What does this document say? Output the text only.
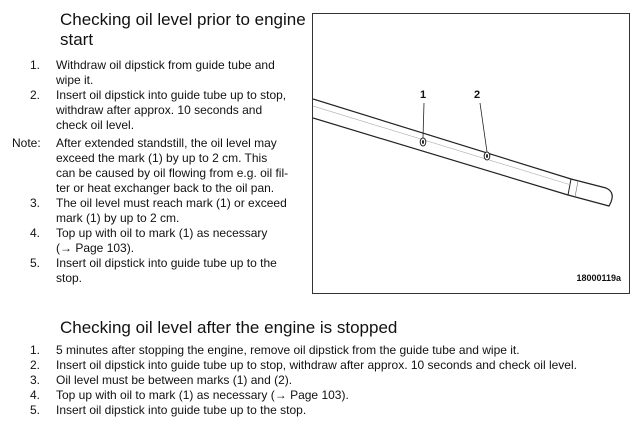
Checking oil level prior to engine
start
1. Withdraw oil dipstick from guide tube and
wipe it.
2. Insert oil dipstick into guide tube up to stop,
withdraw after approx. 10 seconds and
check oil level.
Note:	After extended standstill, the oil level may
exceed the mark (1) by up to 2 cm. This
can be caused by oil flowing from e.g. oil fil-
ter or heat exchanger back to the oil pan.
3. The oil level must reach mark (1) or exceed
mark (1) by up to 2 cm.
4. Top up with oil to mark (1) as necessary
(→ Page 103).
5. Insert oil dipstick into guide tube up to the
stop.
1	2
18000119a
Checking oil level after the engine is stopped
1. 5 minutes after stopping the engine, remove oil dipstick from the guide tube and wipe it.
2. Insert oil dipstick into guide tube up to stop, withdraw after approx. 10 seconds and check oil level.
3. Oil level must be between marks (1) and (2).
4. Top up with oil to mark (1) as necessary (→ Page 103).
5. Insert oil dipstick into guide tube up to the stop.
